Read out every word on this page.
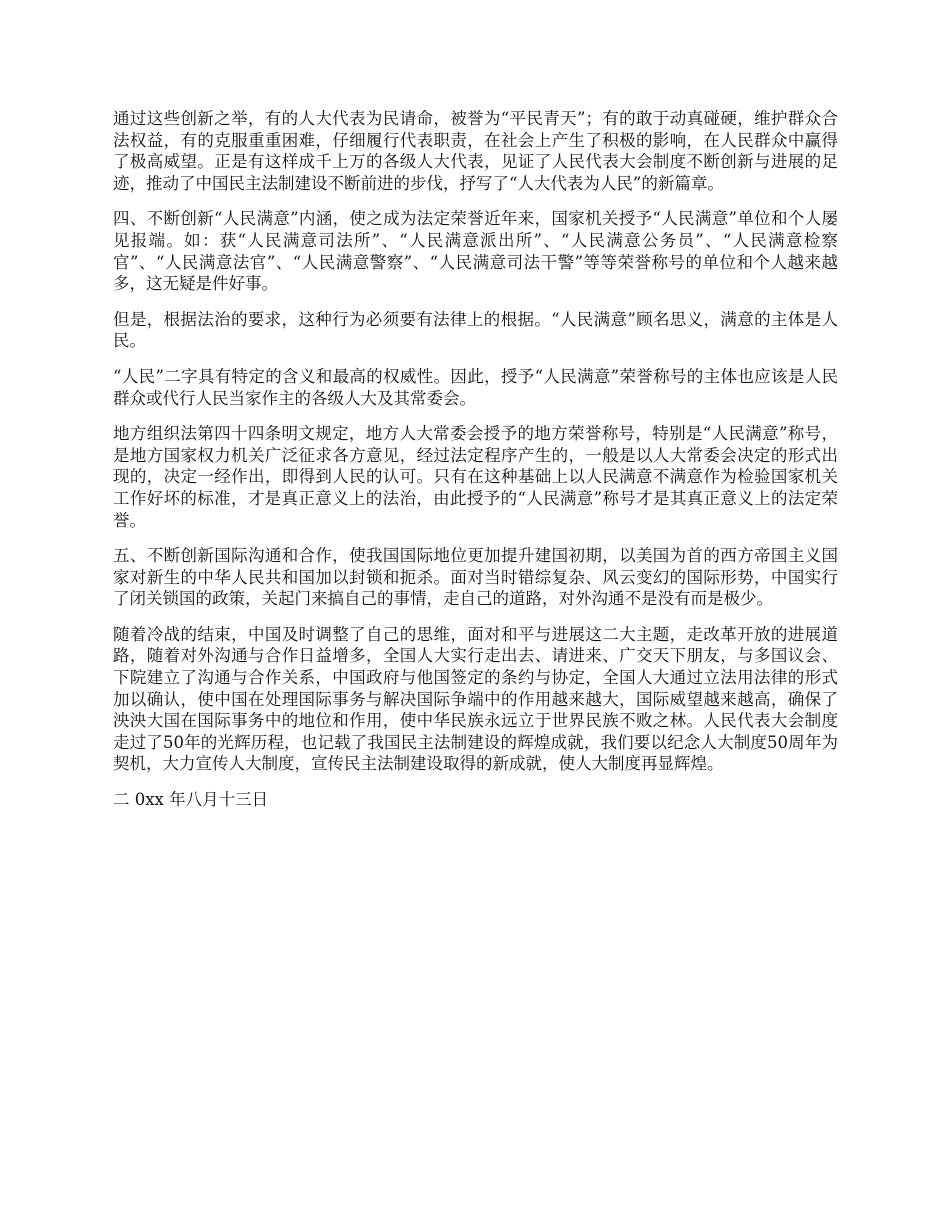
通过这些创新之举，有的人大代表为民请命，被誉为“平民青天”；有的敢于动真碰硬，维护群众合法权益，有的克服重重困难，仔细履行代表职责，在社会上产生了积极的影响，在人民群众中赢得了极高威望。正是有这样成千上万的各级人大代表，见证了人民代表大会制度不断创新与进展的足迹，推动了中国民主法制建设不断前进的步伐，抒写了“人大代表为人民”的新篇章。

四、不断创新“人民满意”内涵，使之成为法定荣誉近年来，国家机关授予“人民满意”单位和个人屡见报端。如：获“人民满意司法所”、“人民满意派出所”、“人民满意公务员”、“人民满意检察官”、“人民满意法官”、“人民满意警察”、“人民满意司法干警”等等荣誉称号的单位和个人越来越多，这无疑是件好事。

但是，根据法治的要求，这种行为必须要有法律上的根据。“人民满意”顾名思义，满意的主体是人民。

“人民”二字具有特定的含义和最高的权威性。因此，授予“人民满意”荣誉称号的主体也应该是人民群众或代行人民当家作主的各级人大及其常委会。

地方组织法第四十四条明文规定，地方人大常委会授予的地方荣誉称号，特别是“人民满意”称号，是地方国家权力机关广泛征求各方意见，经过法定程序产生的，一般是以人大常委会决定的形式出现的，决定一经作出，即得到人民的认可。只有在这种基础上以人民满意不满意作为检验国家机关工作好坏的标准，才是真正意义上的法治，由此授予的“人民满意”称号才是其真正意义上的法定荣誉。

五、不断创新国际沟通和合作，使我国国际地位更加提升建国初期，以美国为首的西方帝国主义国家对新生的中华人民共和国加以封锁和扼杀。面对当时错综复杂、风云变幻的国际形势，中国实行了闭关锁国的政策，关起门来搞自己的事情，走自己的道路，对外沟通不是没有而是极少。

随着冷战的结束，中国及时调整了自己的思维，面对和平与进展这二大主题，走改革开放的进展道路，随着对外沟通与合作日益增多，全国人大实行走出去、请进来、广交天下朋友，与多国议会、下院建立了沟通与合作关系，中国政府与他国签定的条约与协定，全国人大通过立法用法律的形式加以确认，使中国在处理国际事务与解决国际争端中的作用越来越大，国际威望越来越高，确保了泱泱大国在国际事务中的地位和作用，使中华民族永远立于世界民族不败之林。人民代表大会制度走过了50年的光辉历程，也记载了我国民主法制建设的辉煌成就，我们要以纪念人大制度50周年为契机，大力宣传人大制度，宣传民主法制建设取得的新成就，使人大制度再显辉煌。

二 0xx 年八月十三日
